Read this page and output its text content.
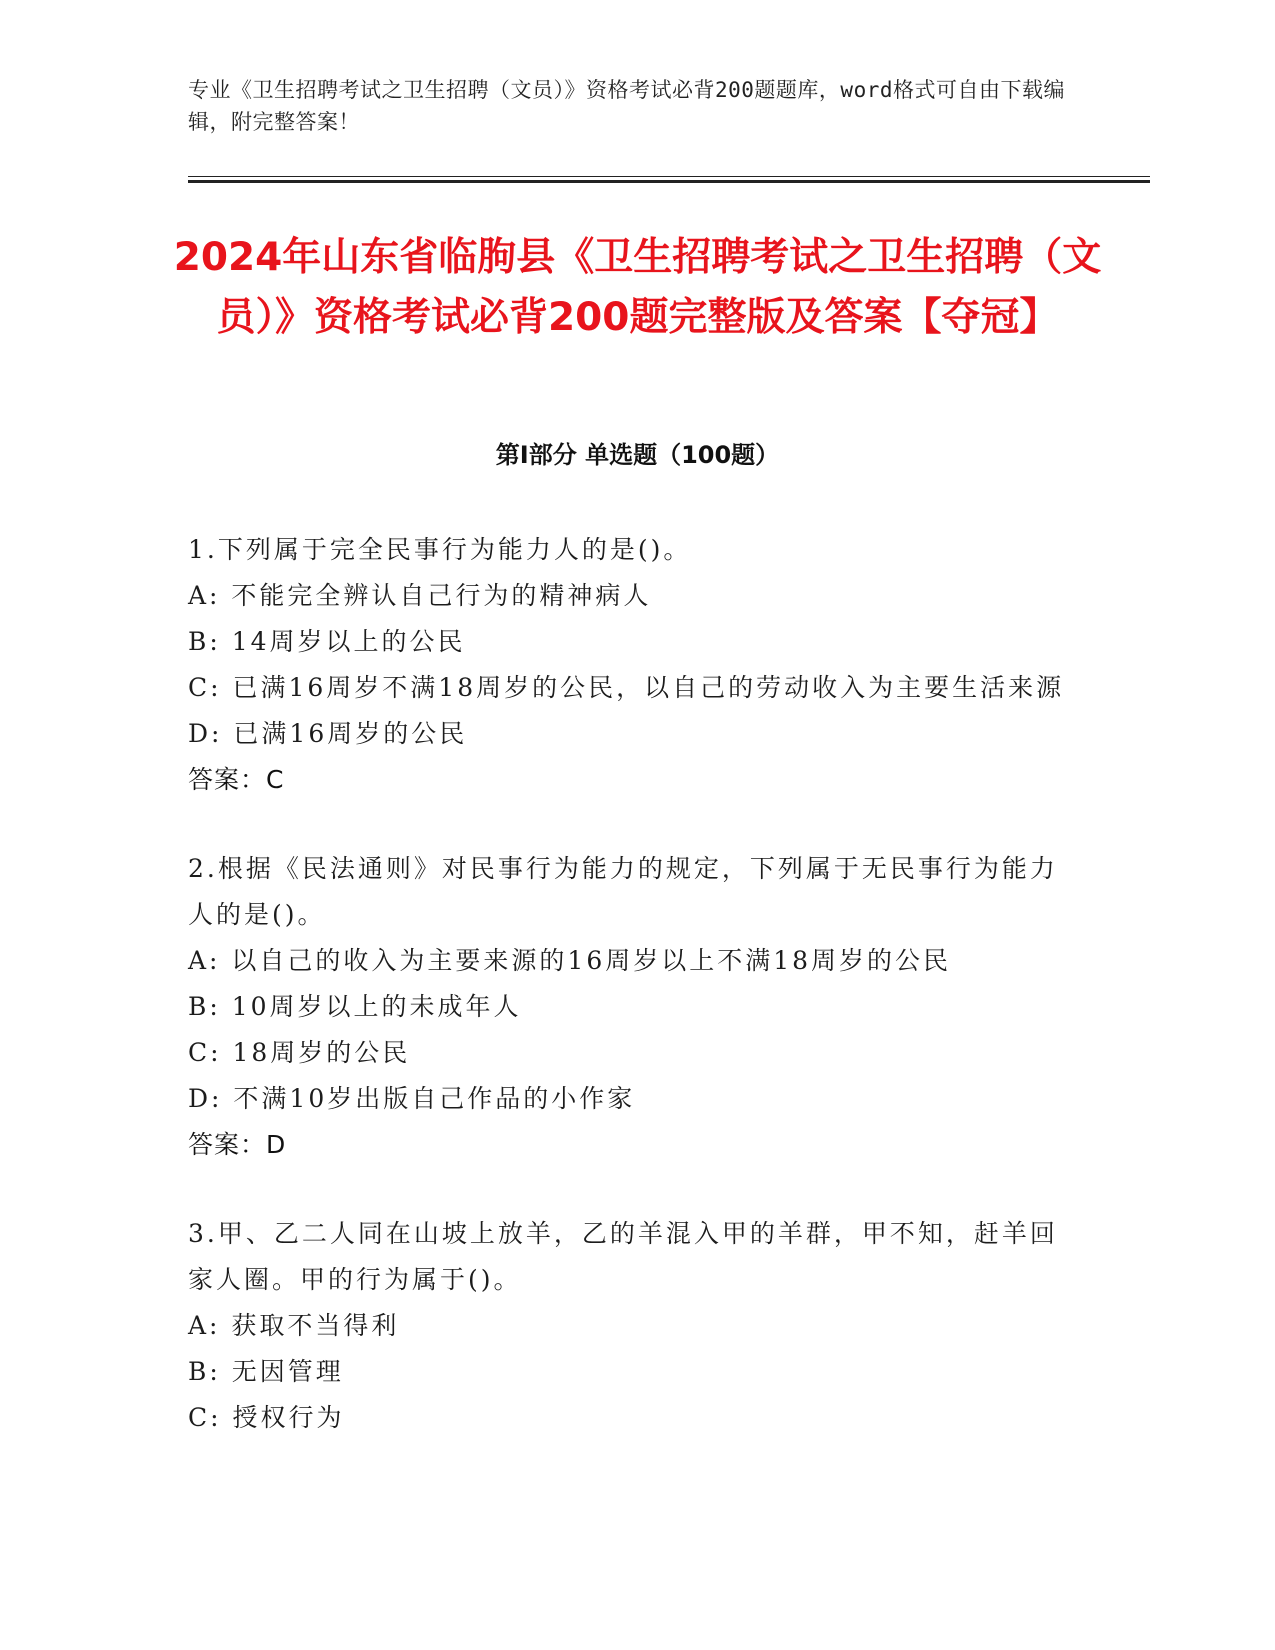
专业《卫生招聘考试之卫生招聘（文员）》资格考试必背200题题库，word格式可自由下载编辑，附完整答案！
2024年山东省临朐县《卫生招聘考试之卫生招聘（文员）》资格考试必背200题完整版及答案【夺冠】
第I部分 单选题（100题）

1.下列属于完全民事行为能力人的是()。

A: 不能完全辨认自己行为的精神病人

B: 14周岁以上的公民

C: 已满16周岁不满18周岁的公民，以自己的劳动收入为主要生活来源

D: 已满16周岁的公民

答案：C

2.根据《民法通则》对民事行为能力的规定，下列属于无民事行为能力人的是()。

A: 以自己的收入为主要来源的16周岁以上不满18周岁的公民

B: 10周岁以上的未成年人

C: 18周岁的公民

D: 不满10岁出版自己作品的小作家

答案：D

3.甲、乙二人同在山坡上放羊，乙的羊混入甲的羊群，甲不知，赶羊回家人圈。甲的行为属于()。

A: 获取不当得利

B: 无因管理

C: 授权行为
